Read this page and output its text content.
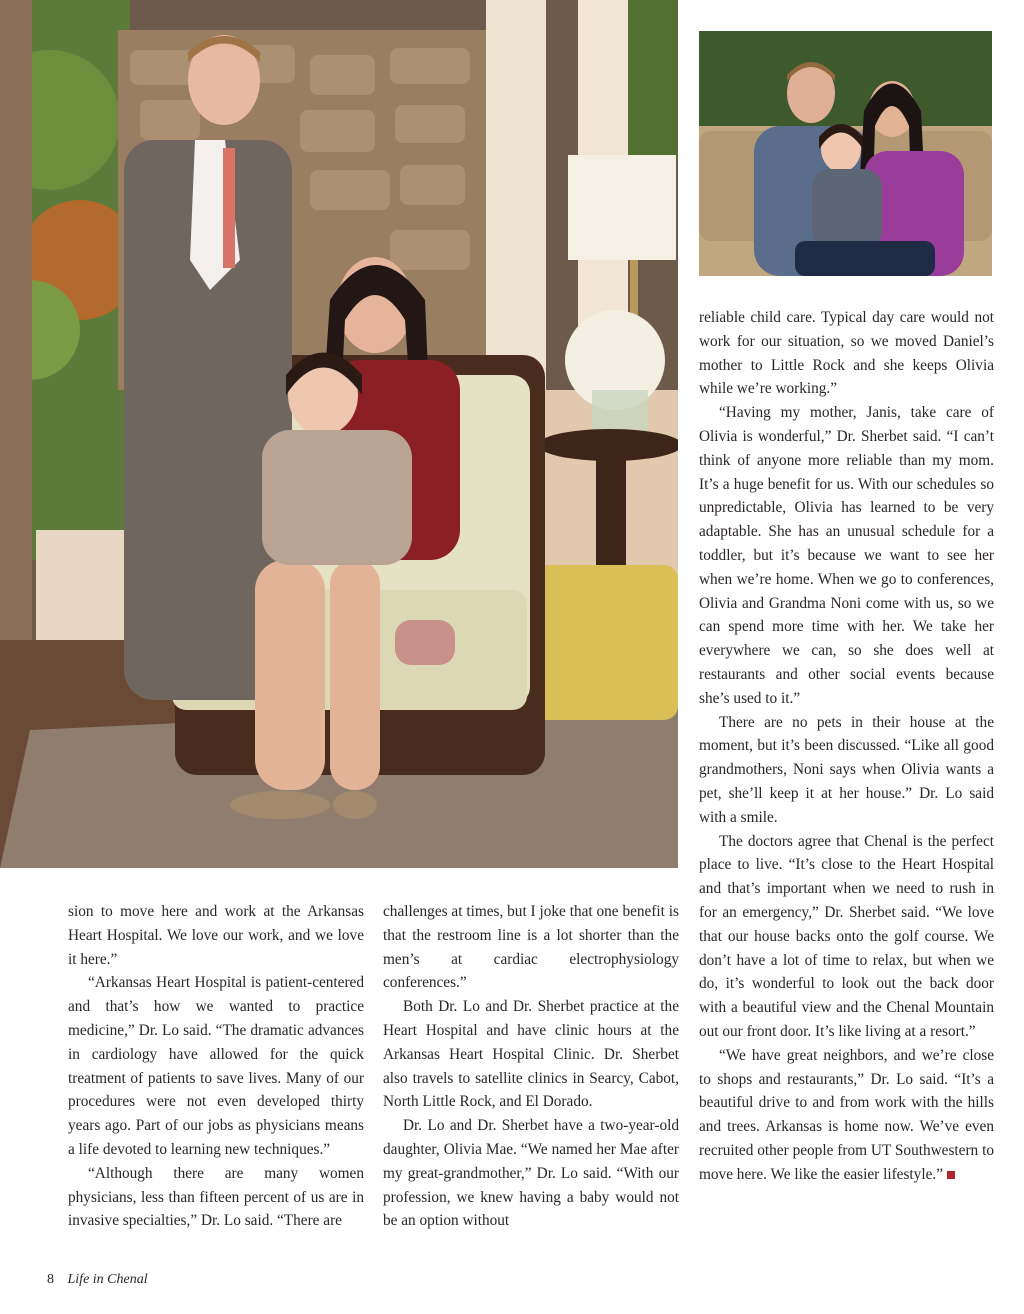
sion to move here and work at the Arkansas Heart Hospital. We love our work, and we love it here.”

“Arkansas Heart Hospital is patient-centered and that’s how we wanted to practice medicine,” Dr. Lo said. “The dramatic advances in cardiology have allowed for the quick treatment of patients to save lives. Many of our procedures were not even developed thirty years ago. Part of our jobs as physicians means a life devoted to learning new techniques.”

“Although there are many women physicians, less than fifteen percent of us are in invasive specialties,” Dr. Lo said. “There are

challenges at times, but I joke that one benefit is that the restroom line is a lot shorter than the men’s at cardiac electrophysiology conferences.”

Both Dr. Lo and Dr. Sherbet practice at the Heart Hospital and have clinic hours at the Arkansas Heart Hospital Clinic. Dr. Sherbet also travels to satellite clinics in Searcy, Cabot, North Little Rock, and El Dorado.

Dr. Lo and Dr. Sherbet have a two-year-old daughter, Olivia Mae. “We named her Mae after my great-grandmother,” Dr. Lo said. “With our profession, we knew having a baby would not be an option without

reliable child care. Typical day care would not work for our situation, so we moved Daniel’s mother to Little Rock and she keeps Olivia while we’re working.”

“Having my mother, Janis, take care of Olivia is wonderful,” Dr. Sherbet said. “I can’t think of anyone more reliable than my mom. It’s a huge benefit for us. With our schedules so unpredictable, Olivia has learned to be very adaptable. She has an unusual schedule for a toddler, but it’s because we want to see her when we’re home. When we go to conferences, Olivia and Grandma Noni come with us, so we can spend more time with her. We take her everywhere we can, so she does well at restaurants and other social events because she’s used to it.”

There are no pets in their house at the moment, but it’s been discussed. “Like all good grandmothers, Noni says when Olivia wants a pet, she’ll keep it at her house.” Dr. Lo said with a smile.

The doctors agree that Chenal is the perfect place to live. “It’s close to the Heart Hospital and that’s important when we need to rush in for an emergency,” Dr. Sherbet said. “We love that our house backs onto the golf course. We don’t have a lot of time to relax, but when we do, it’s wonderful to look out the back door with a beautiful view and the Chenal Mountain out our front door. It’s like living at a resort.”

“We have great neighbors, and we’re close to shops and restaurants,” Dr. Lo said. “It’s a beautiful drive to and from work with the hills and trees. Arkansas is home now. We’ve even recruited other people from UT Southwestern to move here. We like the easier lifestyle.”

8 Life in Chenal
